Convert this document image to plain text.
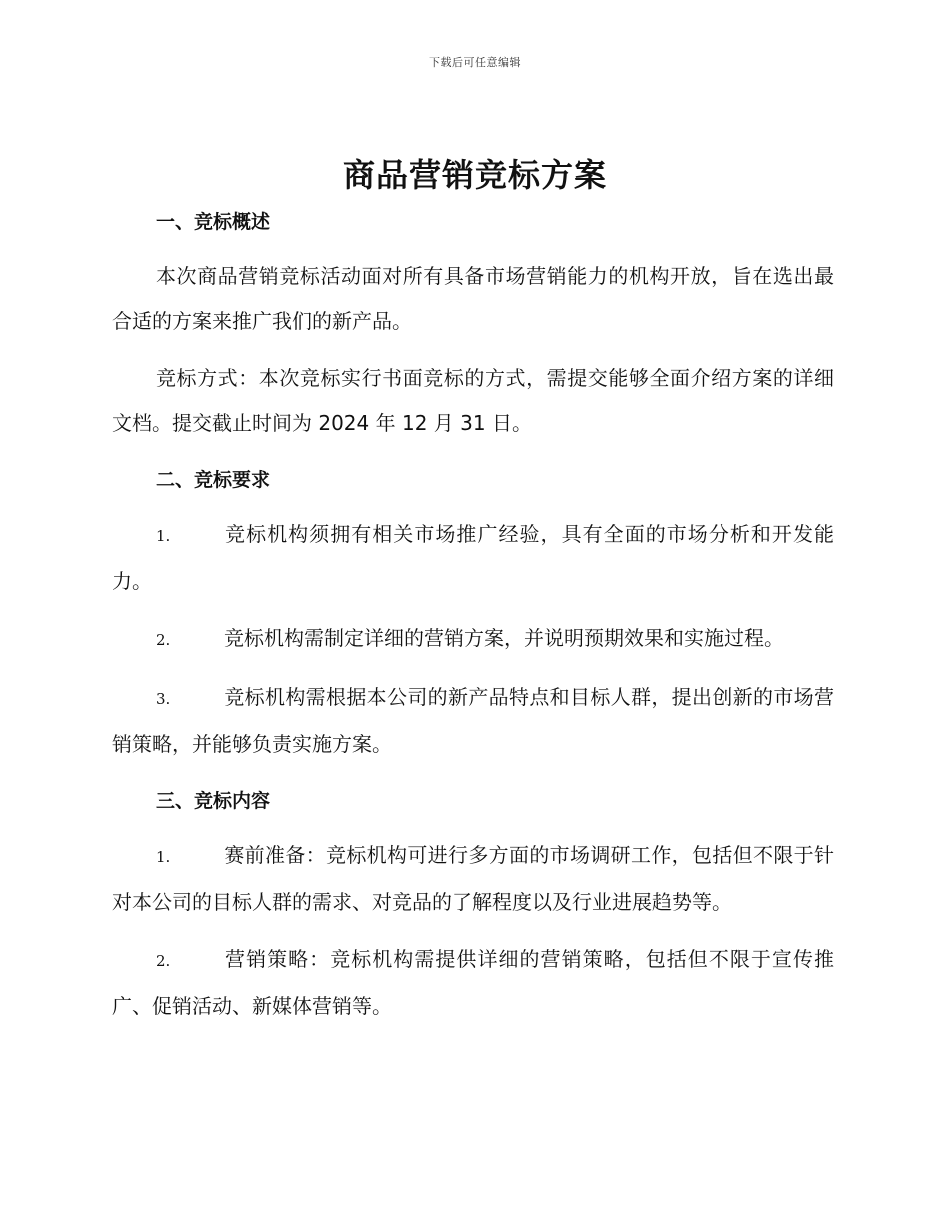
下载后可任意编辑
商品营销竞标方案
一、竞标概述

本次商品营销竞标活动面对所有具备市场营销能力的机构开放，旨在选出最合适的方案来推广我们的新产品。

竞标方式：本次竞标实行书面竞标的方式，需提交能够全面介绍方案的详细文档。提交截止时间为 2024 年 12 月 31 日。

二、竞标要求

1.	竞标机构须拥有相关市场推广经验，具有全面的市场分析和开发能力。

2.	竞标机构需制定详细的营销方案，并说明预期效果和实施过程。

3.	竞标机构需根据本公司的新产品特点和目标人群，提出创新的市场营销策略，并能够负责实施方案。

三、竞标内容

1.	赛前准备：竞标机构可进行多方面的市场调研工作，包括但不限于针对本公司的目标人群的需求、对竞品的了解程度以及行业进展趋势等。

2.	营销策略：竞标机构需提供详细的营销策略，包括但不限于宣传推广、促销活动、新媒体营销等。
